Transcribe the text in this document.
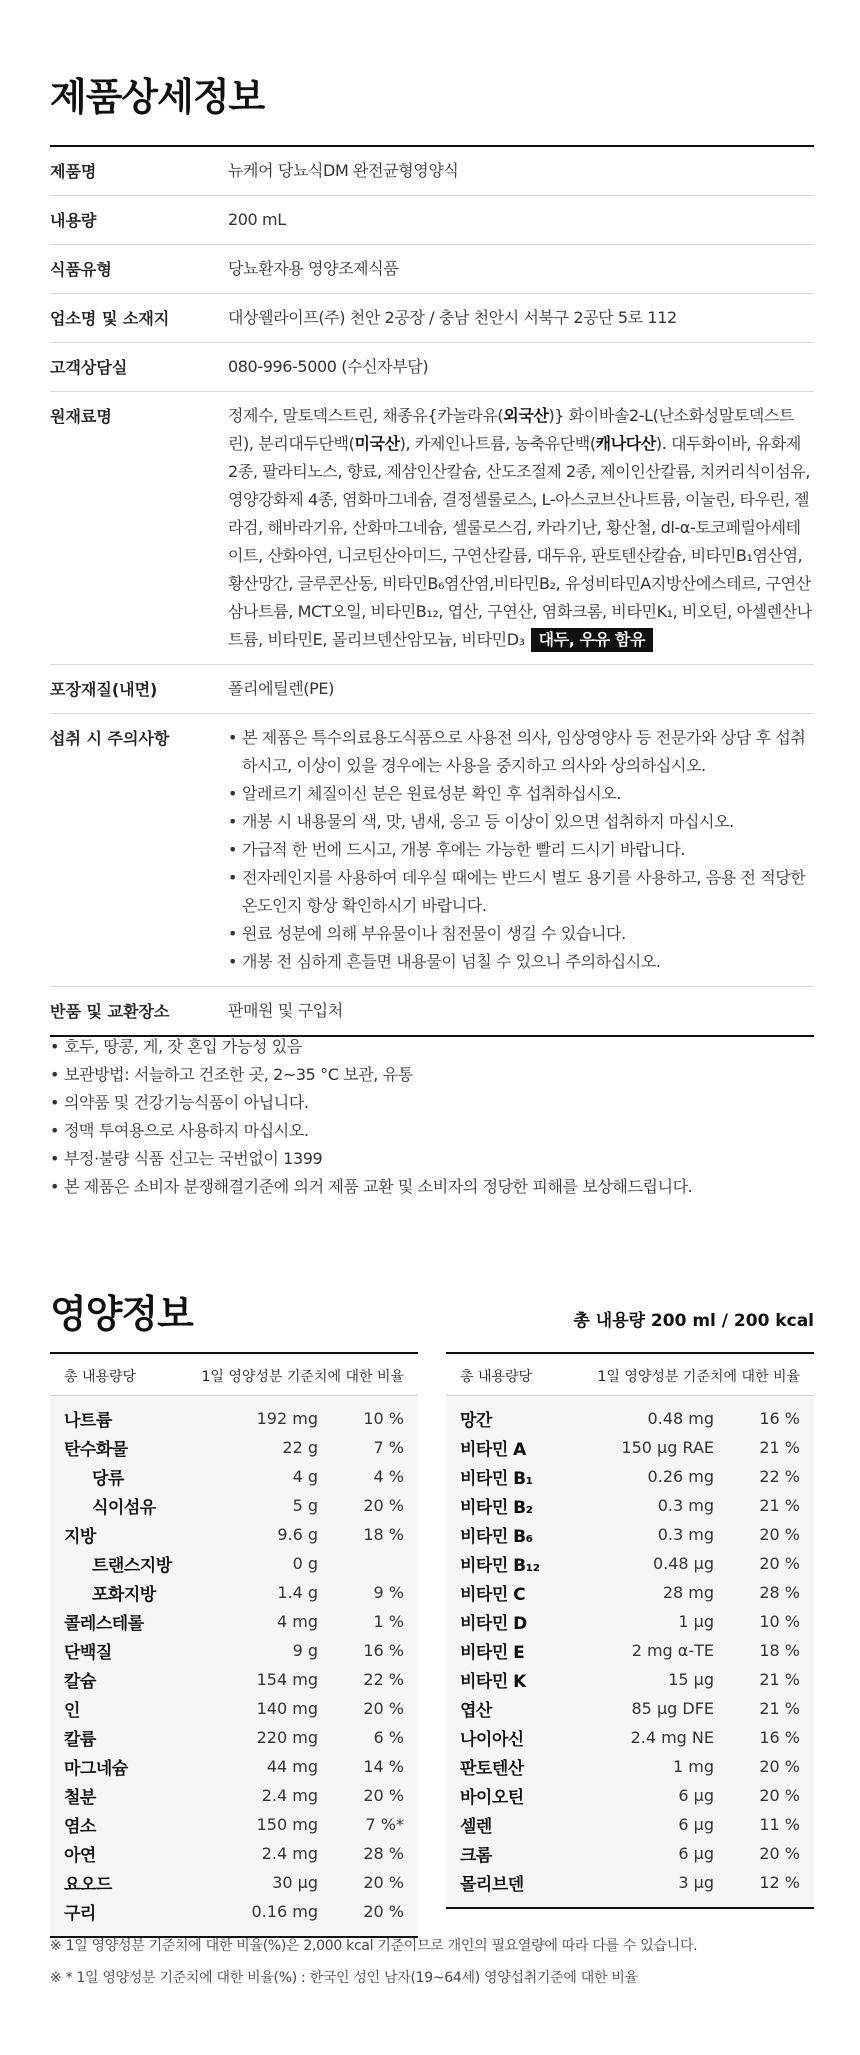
제품상세정보
제품명	뉴케어 당뇨식DM 완전균형영양식
내용량	200 mL
식품유형	당뇨환자용 영양조제식품
업소명 및 소재지	대상웰라이프(주) 천안 2공장 / 충남 천안시 서북구 2공단 5로 112
고객상담실	080-996-5000 (수신자부담)
원재료명	정제수, 말토덱스트린, 채종유{카놀라유(외국산)} 화이바솔2-L(난소화성말토덱스트린), 분리대두단백(미국산), 카제인나트륨, 농축유단백(캐나다산). 대두화이바, 유화제 2종, 팔라티노스, 향료, 제삼인산칼슘, 산도조절제 2종, 제이인산칼륨, 치커리식이섬유, 영양강화제 4종, 염화마그네슘, 결정셀룰로스, L-아스코브산나트륨, 이눌린, 타우린, 젤라검, 해바라기유, 산화마그네슘, 셀룰로스검, 카라기난, 황산철, dl-α-토코페릴아세테이트, 산화아연, 니코틴산아미드, 구연산칼륨, 대두유, 판토텐산칼슘, 비타민B₁염산염, 황산망간, 글루콘산동, 비타민B₆염산염,비타민B₂, 유성비타민A지방산에스테르, 구연산삼나트륨, MCT오일, 비타민B₁₂, 엽산, 구연산, 염화크롬, 비타민K₁, 비오틴, 아셀렌산나트륨, 비타민E, 몰리브덴산암모늄, 비타민D₃ 대두, 우유 함유
포장재질(내면)	폴리에틸렌(PE)
섭취 시 주의사항
•	본 제품은 특수의료용도식품으로 사용전 의사, 임상영양사 등 전문가와 상담 후 섭취하시고, 이상이 있을 경우에는 사용을 중지하고 의사와 상의하십시오.
• 알레르기 체질이신 분은 원료성분 확인 후 섭취하십시오.
• 개봉 시 내용물의 색, 맛, 냄새, 응고 등 이상이 있으면 섭취하지 마십시오.
• 가급적 한 번에 드시고, 개봉 후에는 가능한 빨리 드시기 바랍니다.
• 전자레인지를 사용하여 데우실 때에는 반드시 별도 용기를 사용하고, 음용 전 적당한 온도인지 항상 확인하시기 바랍니다.
• 원료 성분에 의해 부유물이나 침전물이 생길 수 있습니다.
• 개봉 전 심하게 흔들면 내용물이 넘칠 수 있으니 주의하십시오.
반품 및 교환장소	판매원 및 구입처
• 호두, 땅콩, 게, 잣 혼입 가능성 있음
• 보관방법: 서늘하고 건조한 곳, 2~35 °C 보관, 유통
• 의약품 및 건강기능식품이 아닙니다.
• 정맥 투여용으로 사용하지 마십시오.
• 부정·불량 식품 신고는 국번없이 1399
• 본 제품은 소비자 분쟁해결기준에 의거 제품 교환 및 소비자의 정당한 피해를 보상해드립니다.
영양정보	총 내용량 200 ml / 200 kcal
총 내용량당	1일 영양성분 기준치에 대한 비율
나트륨	192 mg	10 %
탄수화물	22 g	7 %
당류	4 g	4 %
식이섬유	5 g	20 %
지방	9.6 g	18 %
트랜스지방	0 g
포화지방	1.4 g	9 %
콜레스테롤	4 mg	1 %
단백질	9 g	16 %
칼슘	154 mg	22 %
인	140 mg	20 %
칼륨	220 mg	6 %
마그네슘	44 mg	14 %
철분	2.4 mg	20 %
염소	150 mg	7 %*
아연	2.4 mg	28 %
요오드	30 μg	20 %
구리	0.16 mg	20 %
총 내용량당	1일 영양성분 기준치에 대한 비율
망간	0.48 mg	16 %
비타민 A	150 μg RAE	21 %
비타민 B₁	0.26 mg	22 %
비타민 B₂	0.3 mg	21 %
비타민 B₆	0.3 mg	20 %
비타민 B₁₂	0.48 μg	20 %
비타민 C	28 mg	28 %
비타민 D	1 μg	10 %
비타민 E	2 mg α-TE	18 %
비타민 K	15 μg	21 %
엽산	85 μg DFE	21 %
나이아신	2.4 mg NE	16 %
판토텐산	1 mg	20 %
바이오틴	6 μg	20 %
셀렌	6 μg	11 %
크롬	6 μg	20 %
몰리브덴	3 μg	12 %
※ 1일 영양성분 기준치에 대한 비율(%)은 2,000 kcal 기준이므로 개인의 필요열량에 따라 다를 수 있습니다.
※ * 1일 영양성분 기준치에 대한 비율(%) : 한국인 성인 남자(19~64세) 영양섭취기준에 대한 비율
